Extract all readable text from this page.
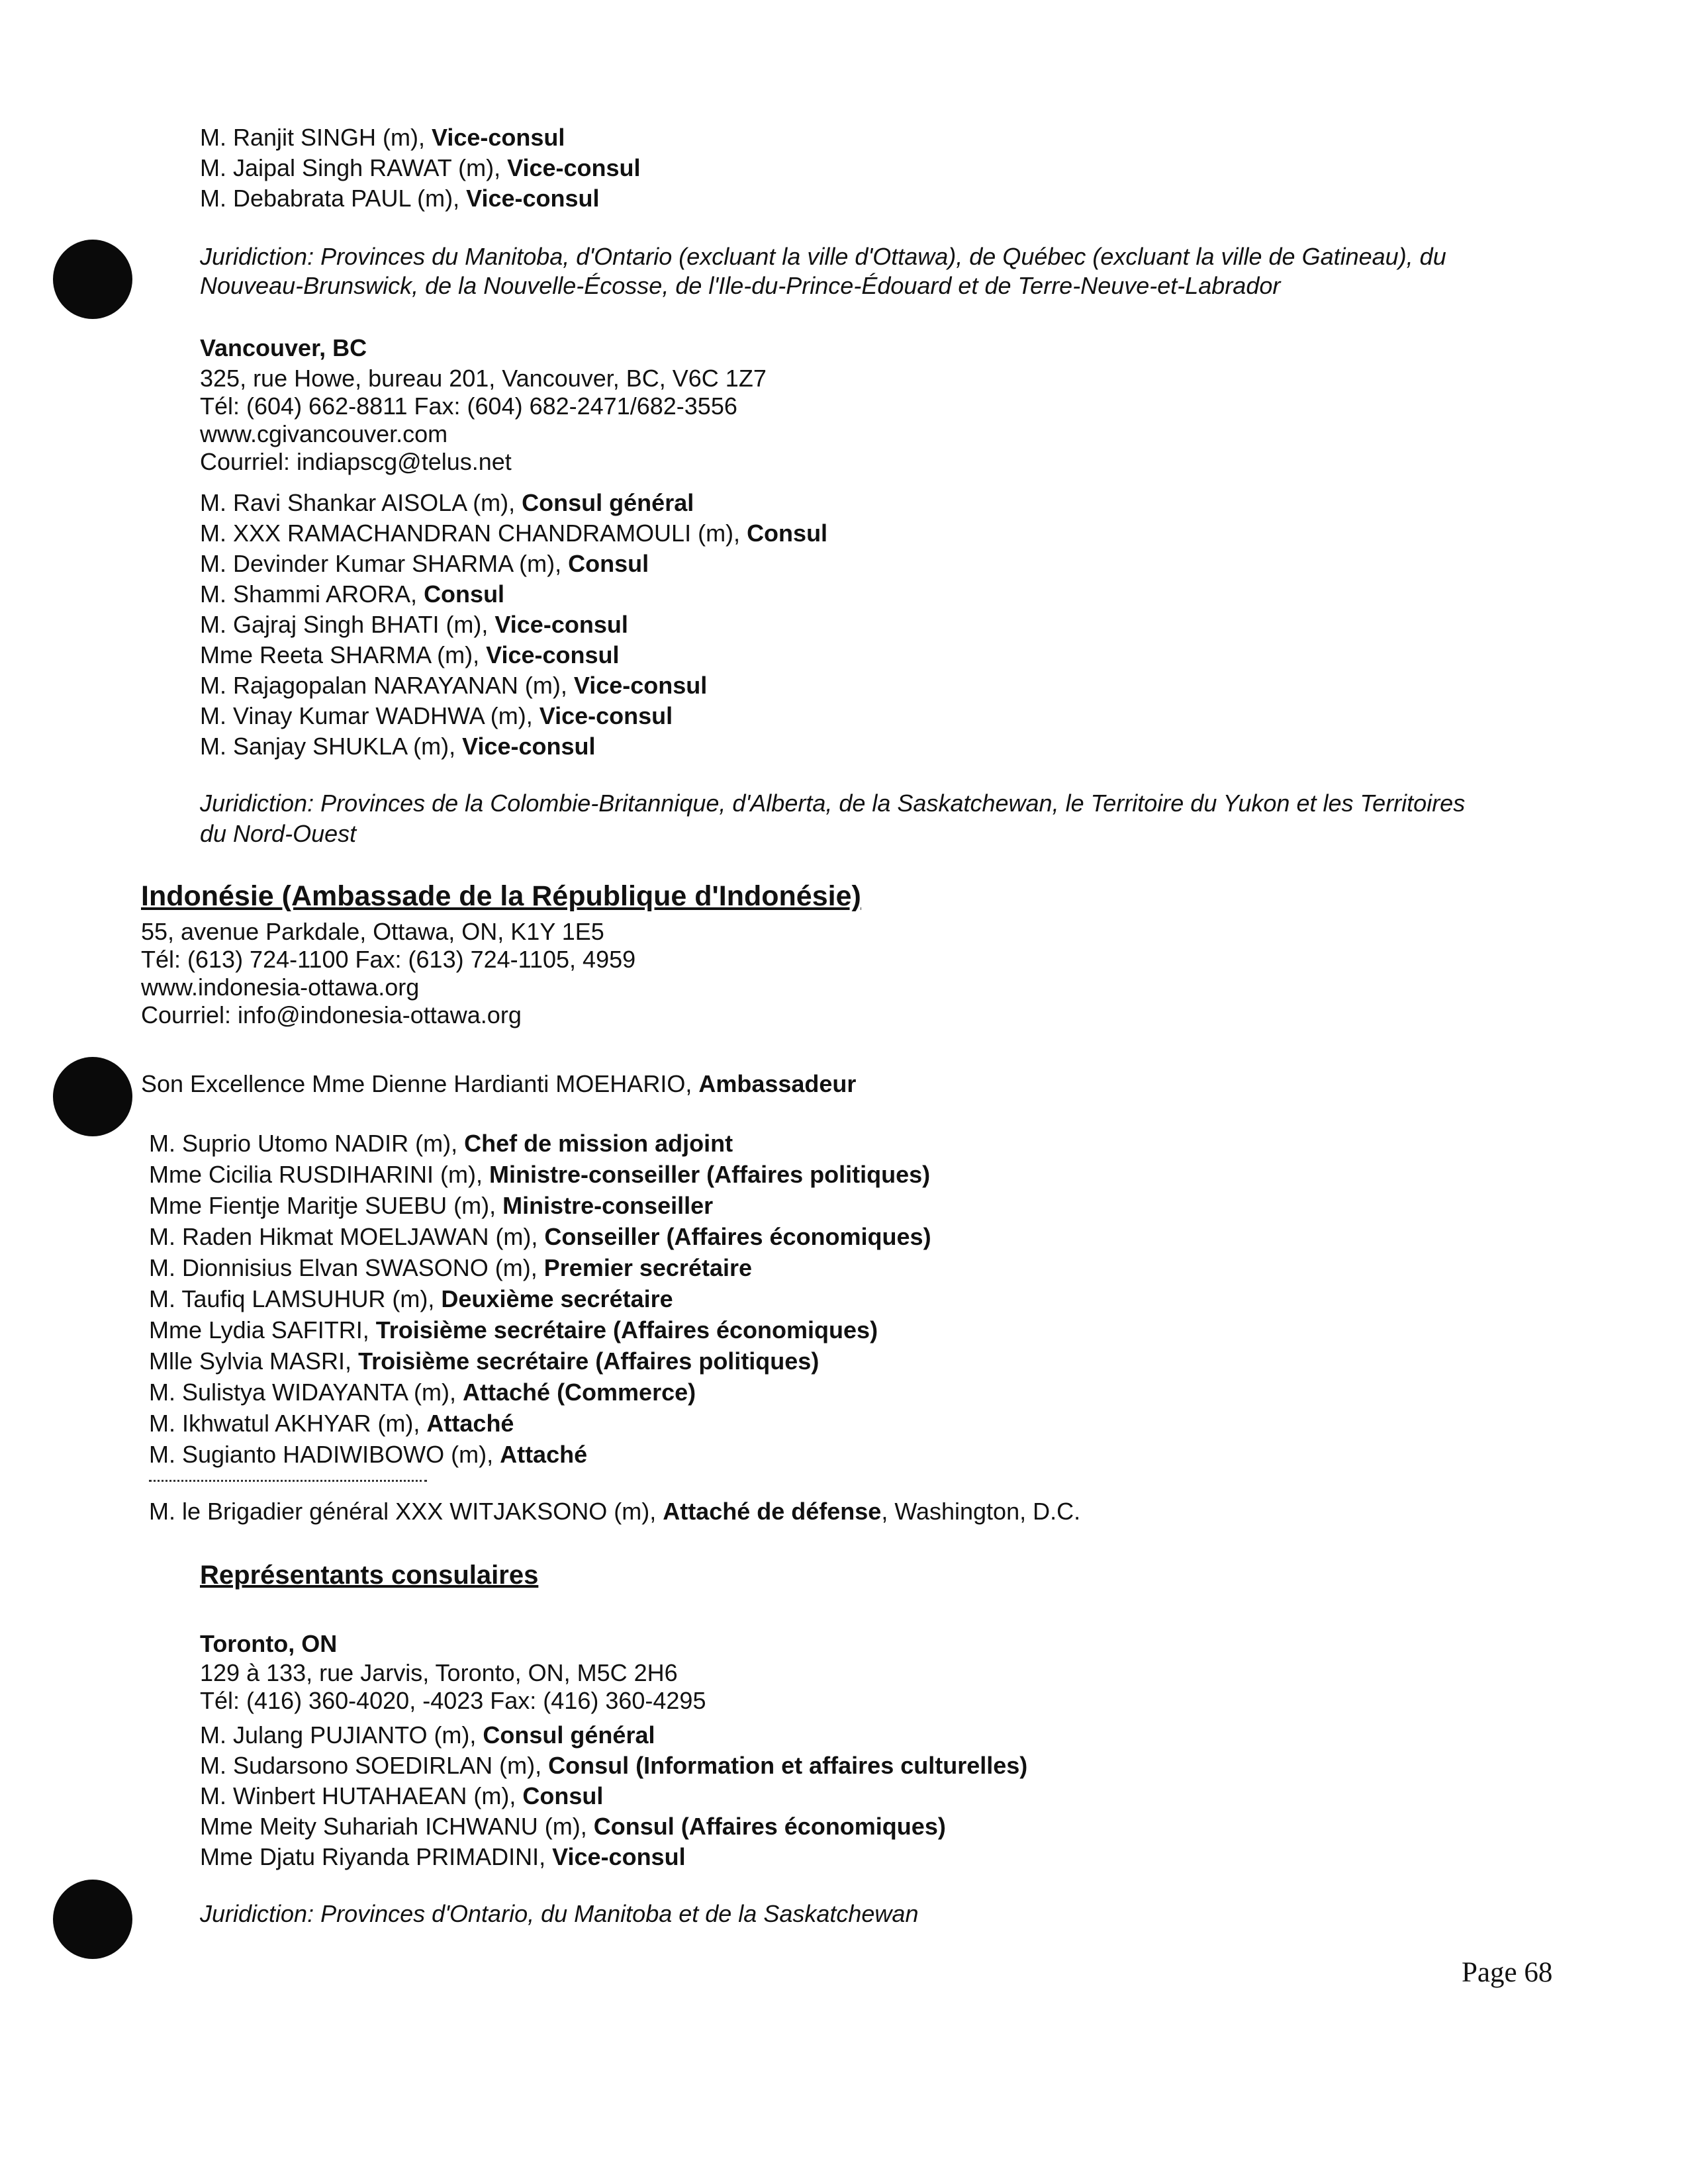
M. Ranjit SINGH (m), Vice-consul
M. Jaipal Singh RAWAT (m), Vice-consul
M. Debabrata PAUL (m), Vice-consul
Juridiction: Provinces du Manitoba, d'Ontario (excluant la ville d'Ottawa), de Québec (excluant la ville de Gatineau), du
Nouveau-Brunswick, de la Nouvelle-Écosse, de l'Ile-du-Prince-Édouard et de Terre-Neuve-et-Labrador
Vancouver, BC
325, rue Howe, bureau 201, Vancouver, BC, V6C 1Z7
Tél: (604) 662-8811 Fax: (604) 682-2471/682-3556
www.cgivancouver.com
Courriel: indiapscg@telus.net
M. Ravi Shankar AISOLA (m), Consul général
M. XXX RAMACHANDRAN CHANDRAMOULI (m), Consul
M. Devinder Kumar SHARMA (m), Consul
M. Shammi ARORA, Consul
M. Gajraj Singh BHATI (m), Vice-consul
Mme Reeta SHARMA (m), Vice-consul
M. Rajagopalan NARAYANAN (m), Vice-consul
M. Vinay Kumar WADHWA (m), Vice-consul
M. Sanjay SHUKLA (m), Vice-consul
Juridiction: Provinces de la Colombie-Britannique, d'Alberta, de la Saskatchewan, le Territoire du Yukon et les Territoires
du Nord-Ouest
Indonésie (Ambassade de la République d'Indonésie)
55, avenue Parkdale, Ottawa, ON, K1Y 1E5
Tél: (613) 724-1100 Fax: (613) 724-1105, 4959
www.indonesia-ottawa.org
Courriel: info@indonesia-ottawa.org
Son Excellence Mme Dienne Hardianti MOEHARIO, Ambassadeur
M. Suprio Utomo NADIR (m), Chef de mission adjoint
Mme Cicilia RUSDIHARINI (m), Ministre-conseiller (Affaires politiques)
Mme Fientje Maritje SUEBU (m), Ministre-conseiller
M. Raden Hikmat MOELJAWAN (m), Conseiller (Affaires économiques)
M. Dionnisius Elvan SWASONO (m), Premier secrétaire
M. Taufiq LAMSUHUR (m), Deuxième secrétaire
Mme Lydia SAFITRI, Troisième secrétaire (Affaires économiques)
Mlle Sylvia MASRI, Troisième secrétaire (Affaires politiques)
M. Sulistya WIDAYANTA (m), Attaché (Commerce)
M. Ikhwatul AKHYAR (m), Attaché
M. Sugianto HADIWIBOWO (m), Attaché
M. le Brigadier général XXX WITJAKSONO (m), Attaché de défense, Washington, D.C.
Représentants consulaires
Toronto, ON
129 à 133, rue Jarvis, Toronto, ON, M5C 2H6
Tél: (416) 360-4020, -4023 Fax: (416) 360-4295
M. Julang PUJIANTO (m), Consul général
M. Sudarsono SOEDIRLAN (m), Consul (Information et affaires culturelles)
M. Winbert HUTAHAEAN (m), Consul
Mme Meity Suhariah ICHWANU (m), Consul (Affaires économiques)
Mme Djatu Riyanda PRIMADINI, Vice-consul
Juridiction: Provinces d'Ontario, du Manitoba et de la Saskatchewan
Page 68
